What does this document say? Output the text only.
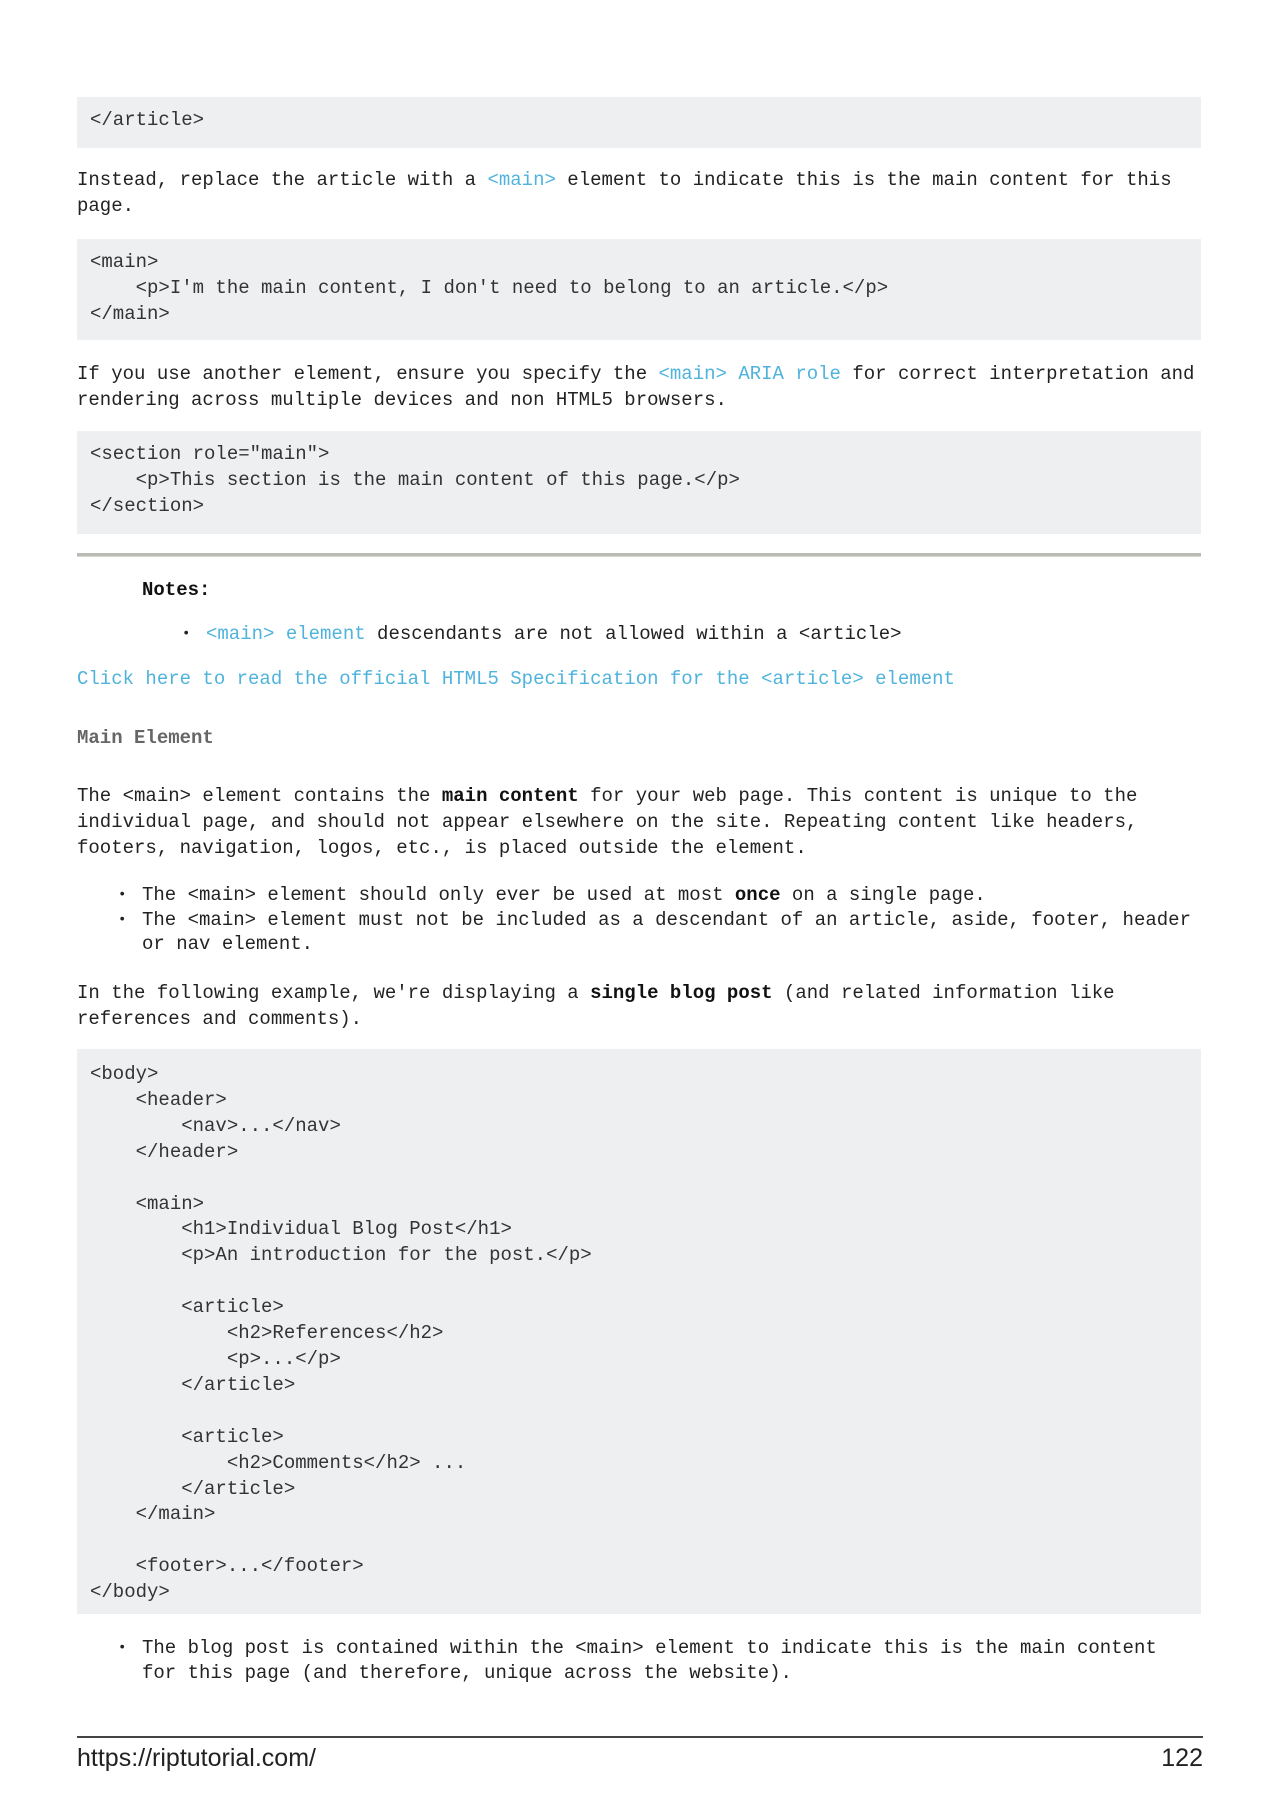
</article>
Instead, replace the article with a <main> element to indicate this is the main content for this page.
<main>
<p>I'm the main content, I don't need to belong to an article.</p>
</main>
If you use another element, ensure you specify the <main> ARIA role for correct interpretation and rendering across multiple devices and non HTML5 browsers.
<section role="main">
<p>This section is the main content of this page.</p>
</section>
Notes:
• <main> element descendants are not allowed within a <article>
Click here to read the official HTML5 Specification for the <article> element
Main Element
The <main> element contains the main content for your web page. This content is unique to the individual page, and should not appear elsewhere on the site. Repeating content like headers, footers, navigation, logos, etc., is placed outside the element.
• The <main> element should only ever be used at most once on a single page.
• The <main> element must not be included as a descendant of an article, aside, footer, header or nav element.
In the following example, we're displaying a single blog post (and related information like references and comments).
<body>
<header>
<nav>...</nav>
</header>

<main>
<h1>Individual Blog Post</h1>
<p>An introduction for the post.</p>

<article>
<h2>References</h2>
<p>...</p>
</article>

<article>
<h2>Comments</h2> ...
</article>
</main>

<footer>...</footer>
</body>
• The blog post is contained within the <main> element to indicate this is the main content for this page (and therefore, unique across the website).
https://riptutorial.com/	122
